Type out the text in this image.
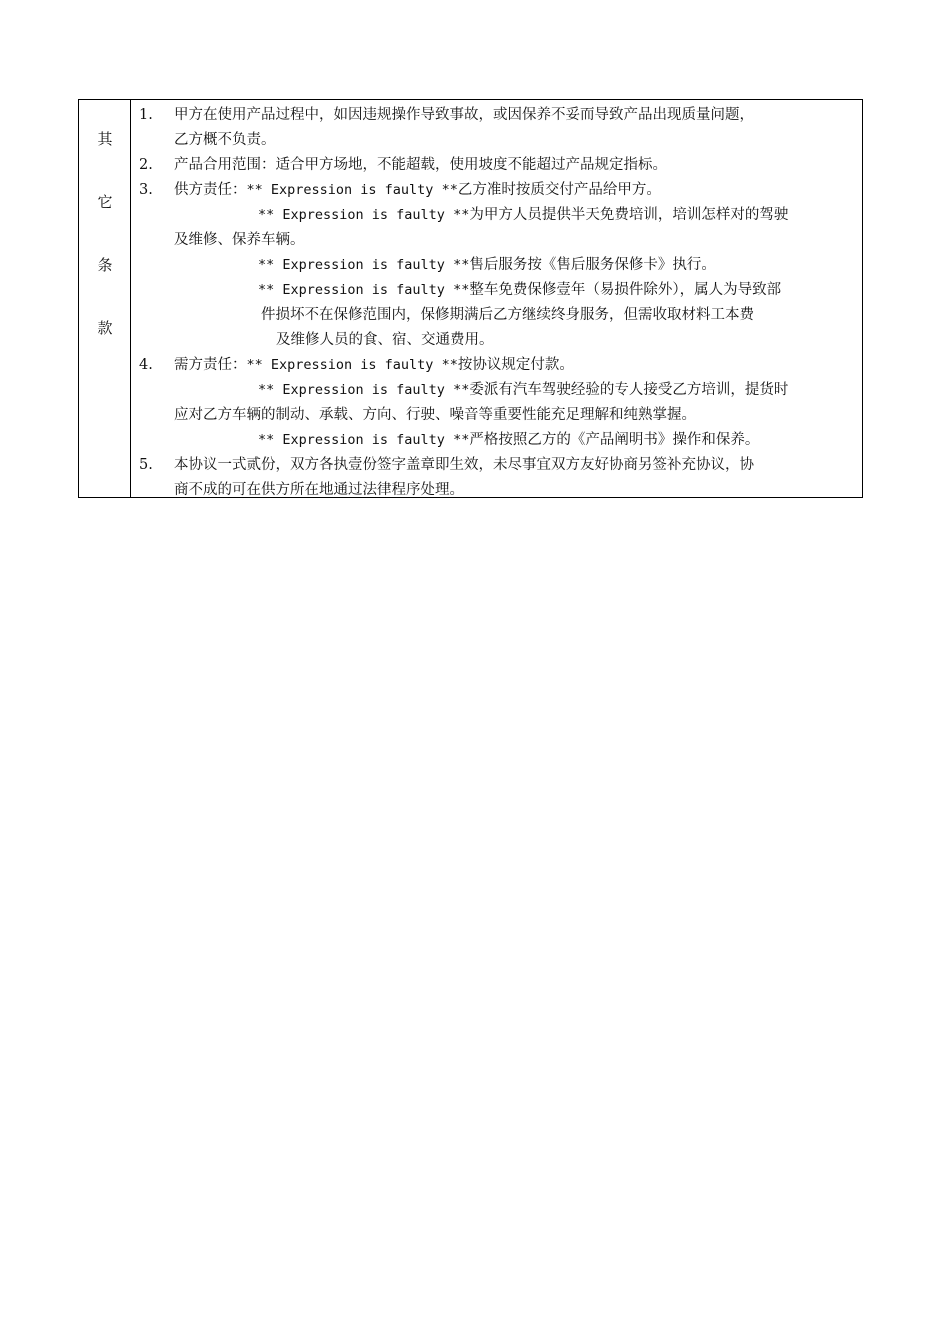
其
它
条
款
1. 甲方在使用产品过程中，如因违规操作导致事故，或因保养不妥而导致产品出现质量问题，
乙方概不负责。
2. 产品合用范围：适合甲方场地，不能超载，使用坡度不能超过产品规定指标。
3. 供方责任：** Expression is faulty **乙方准时按质交付产品给甲方。
** Expression is faulty **为甲方人员提供半天免费培训，培训怎样对的驾驶
及维修、保养车辆。
** Expression is faulty **售后服务按《售后服务保修卡》执行。
** Expression is faulty **整车免费保修壹年（易损件除外），属人为导致部
件损坏不在保修范围内，保修期满后乙方继续终身服务，但需收取材料工本费
及维修人员的食、宿、交通费用。
4. 需方责任：** Expression is faulty **按协议规定付款。
** Expression is faulty **委派有汽车驾驶经验的专人接受乙方培训，提货时
应对乙方车辆的制动、承载、方向、行驶、噪音等重要性能充足理解和纯熟掌握。
** Expression is faulty **严格按照乙方的《产品阐明书》操作和保养。
5. 本协议一式贰份，双方各执壹份签字盖章即生效，未尽事宜双方友好协商另签补充协议，协
商不成的可在供方所在地通过法律程序处理。
